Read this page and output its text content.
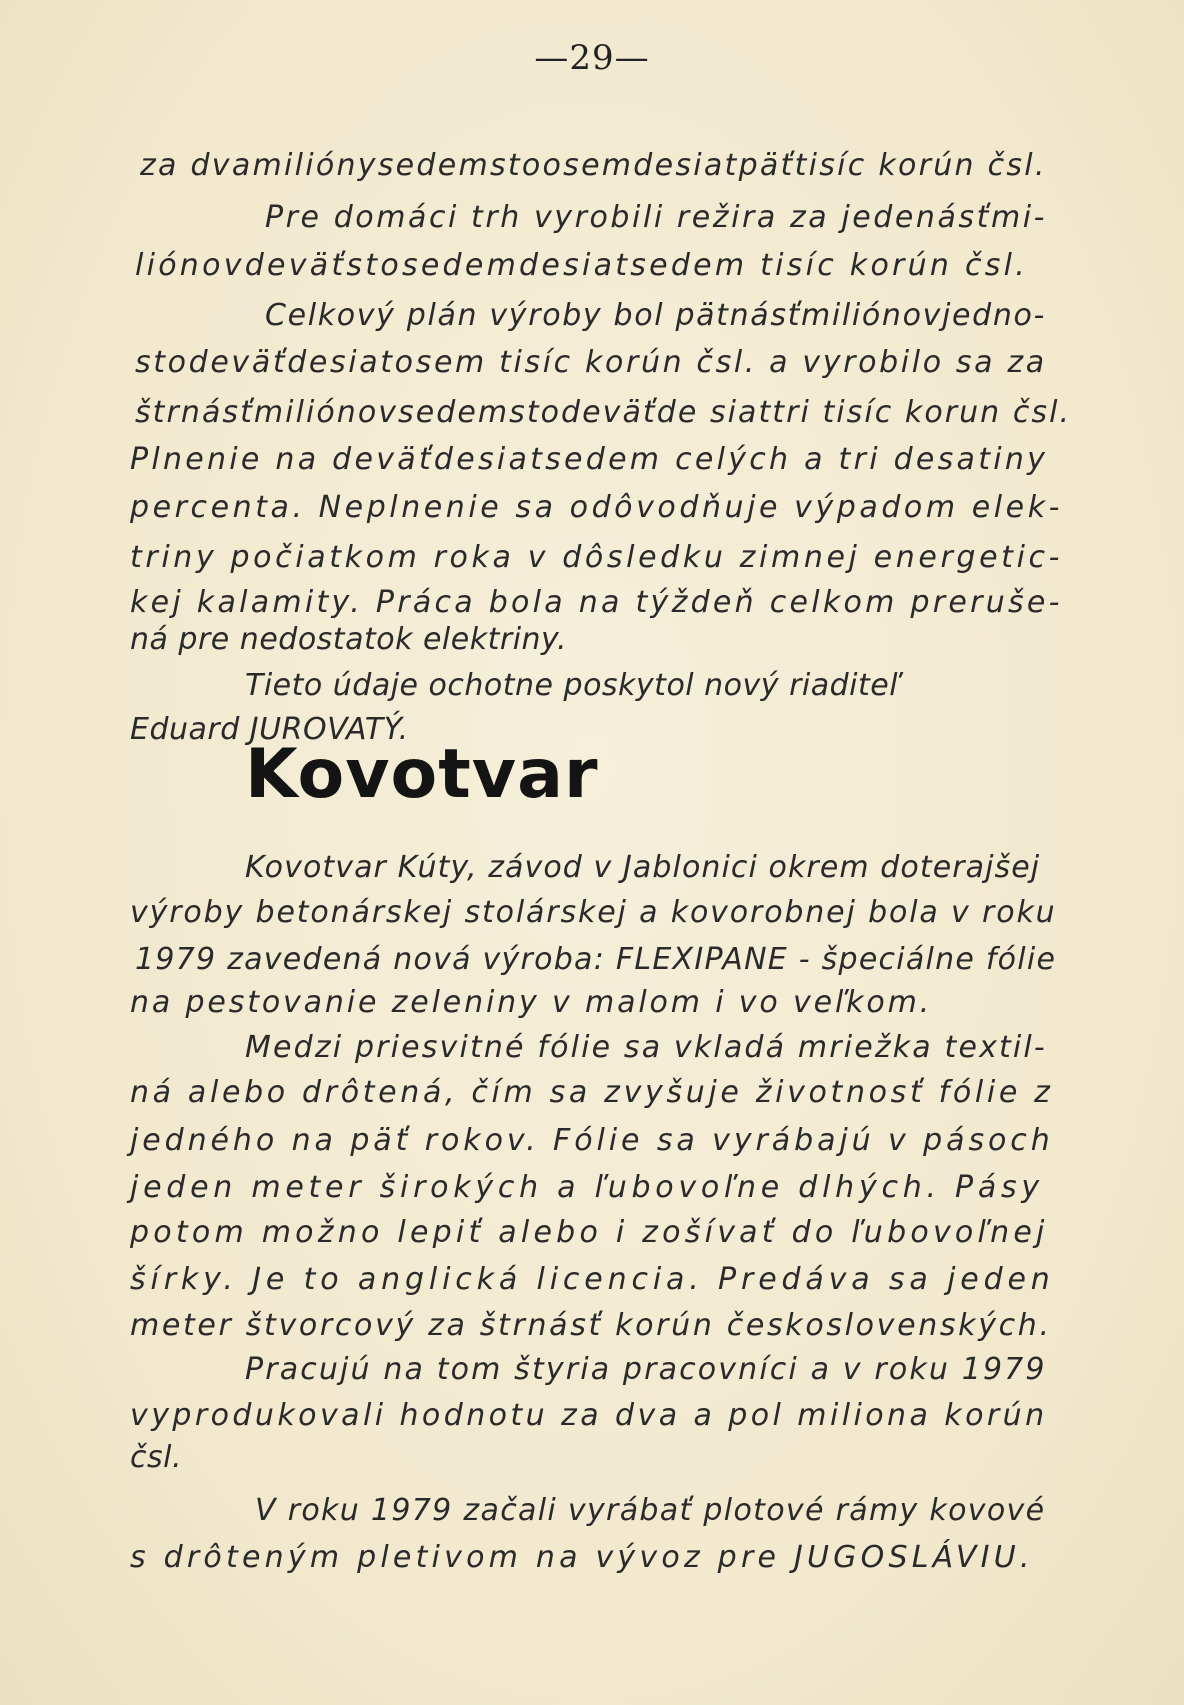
—29—
za dvamiliónysedemstoosemdesiatpäťtisíc korún čsl.
Pre domáci trh vyrobili režira za jedenásťmi-
liónovdeväťstosedemdesiatsedem tisíc korún čsl.
Celkový plán výroby bol pätnásťmiliónovjedno-
stodeväťdesiatosem tisíc korún čsl. a vyrobilo sa za
štrnásťmiliónovsedemstodeväťde siattri tisíc korun čsl.
Plnenie na deväťdesiatsedem celých a tri desatiny
percenta. Neplnenie sa odôvodňuje výpadom elek-
triny počiatkom roka v dôsledku zimnej energetic-
kej kalamity. Práca bola na týždeň celkom preruše-
ná pre nedostatok elektriny.
Tieto údaje ochotne poskytol nový riaditeľ
Eduard JUROVATÝ.
Kovotvar
Kovotvar Kúty, závod v Jablonici okrem doterajšej
výroby betonárskej stolárskej a kovorobnej bola v roku
1979 zavedená nová výroba: FLEXIPANE - špeciálne fólie
na pestovanie zeleniny v malom i vo veľkom.
Medzi priesvitné fólie sa vkladá mriežka textil-
ná alebo drôtená, čím sa zvyšuje životnosť fólie z
jedného na päť rokov. Fólie sa vyrábajú v pásoch
jeden meter širokých a ľubovoľne dlhých. Pásy
potom možno lepiť alebo i zošívať do ľubovoľnej
šírky. Je to anglická licencia. Predáva sa jeden
meter štvorcový za štrnásť korún československých.
Pracujú na tom štyria pracovníci a v roku 1979
vyprodukovali hodnotu za dva a pol miliona korún
čsl.
V roku 1979 začali vyrábať plotové rámy kovové
s drôteným pletivom na vývoz pre JUGOSLÁVIU.
